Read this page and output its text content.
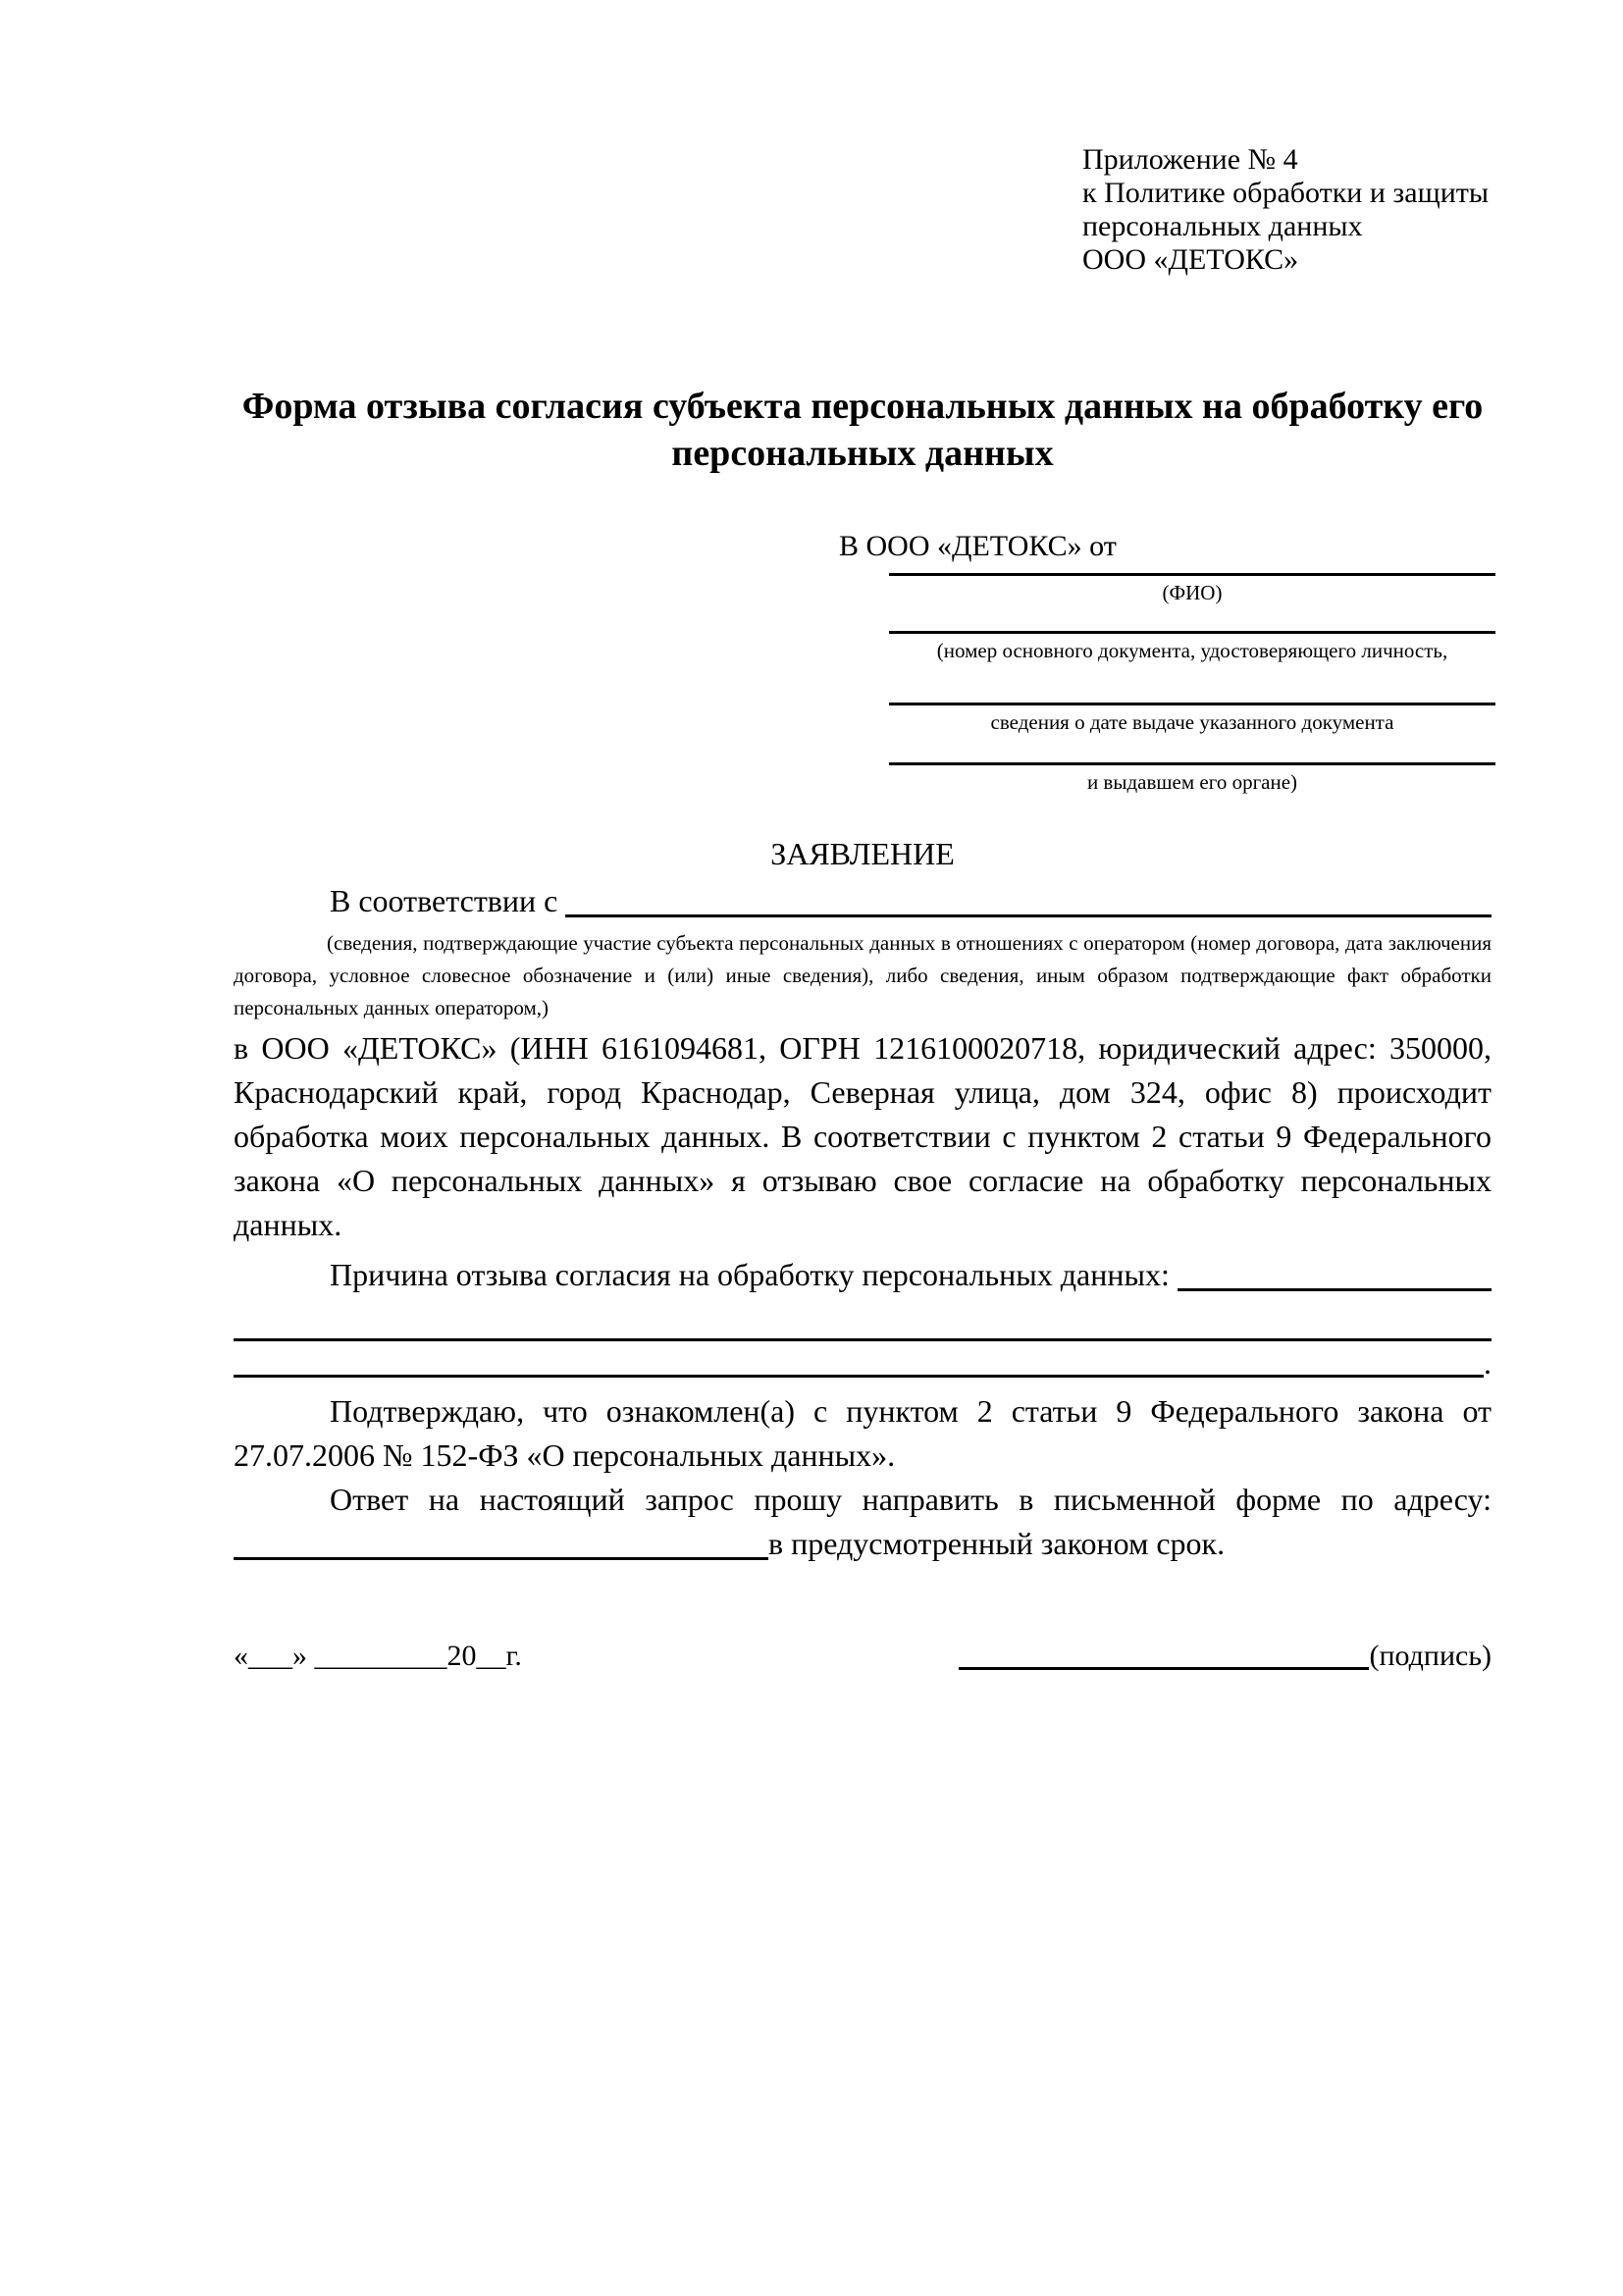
Приложение № 4
к Политике обработки и защиты
персональных данных
ООО «ДЕТОКС»
Форма отзыва согласия субъекта персональных данных на обработку его персональных данных
В ООО «ДЕТОКС» от
(ФИО)
(номер основного документа, удостоверяющего личность,
сведения о дате выдаче указанного документа
и выдавшем его органе)
ЗАЯВЛЕНИЕ
В соответствии с
(сведения, подтверждающие участие субъекта персональных данных в отношениях с оператором (номер договора, дата заключения договора, условное словесное обозначение и (или) иные сведения), либо сведения, иным образом подтверждающие факт обработки персональных данных оператором,)
в ООО «ДЕТОКС» (ИНН 6161094681, ОГРН 1216100020718, юридический адрес: 350000, Краснодарский край, город Краснодар, Северная улица, дом 324, офис 8) происходит обработка моих персональных данных. В соответствии с пунктом 2 статьи 9 Федерального закона «О персональных данных» я отзываю свое согласие на обработку персональных данных.
Причина отзыва согласия на обработку персональных данных:
.
Подтверждаю, что ознакомлен(а) с пунктом 2 статьи 9 Федерального закона от 27.07.2006 № 152-ФЗ «О персональных данных».
Ответ на настоящий запрос прошу направить в письменной форме по адресу:
в предусмотренный законом срок.
«___» _________20__г.	(подпись)
